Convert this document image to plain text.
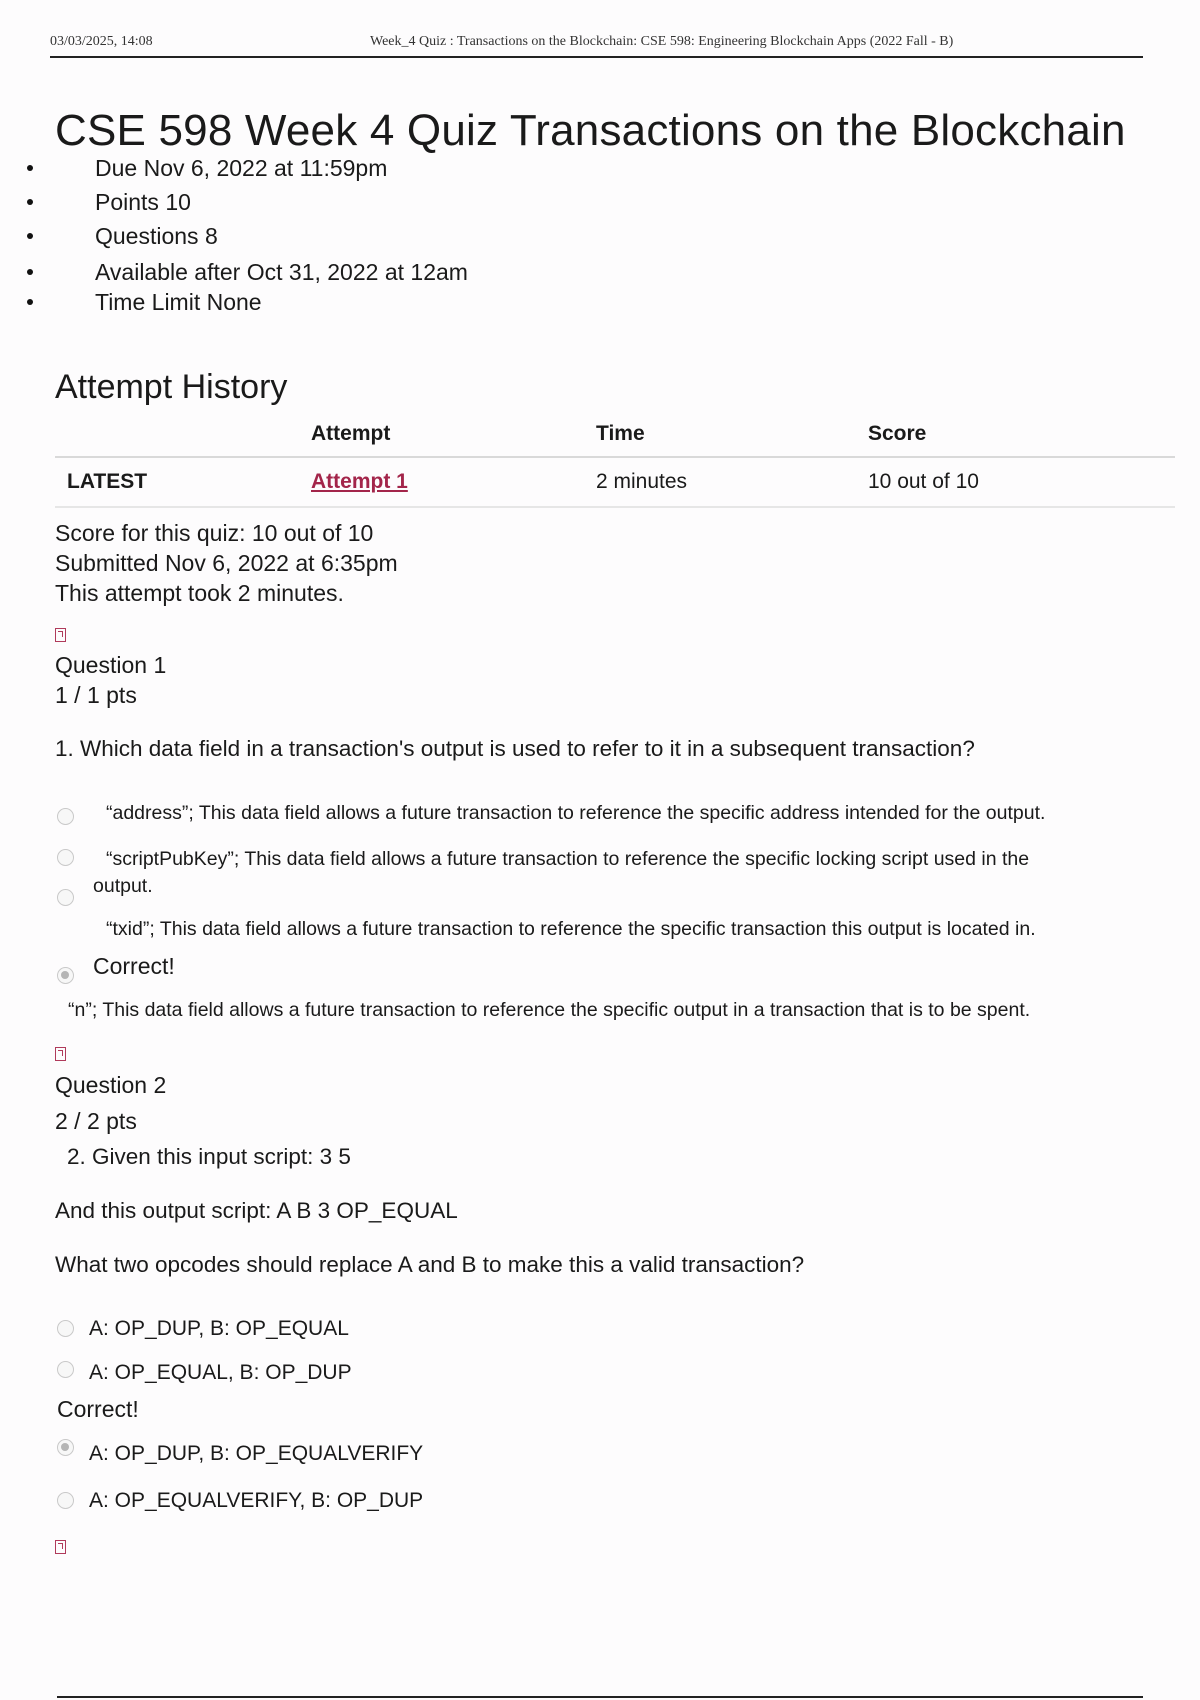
03/03/2025, 14:08	Week_4 Quiz : Transactions on the Blockchain: CSE 598: Engineering Blockchain Apps (2022 Fall - B)
CSE 598 Week 4 Quiz Transactions on the Blockchain
Due Nov 6, 2022 at 11:59pm
Points 10
Questions 8
Available after Oct 31, 2022 at 12am
Time Limit None
Attempt History
	Attempt	Time	Score
LATEST	Attempt 1	2 minutes	10 out of 10
Score for this quiz: 10 out of 10
Submitted Nov 6, 2022 at 6:35pm
This attempt took 2 minutes.
Question 1
1 / 1 pts
1. Which data field in a transaction's output is used to refer to it in a subsequent transaction?
“address”; This data field allows a future transaction to reference the specific address intended for the output.
“scriptPubKey”; This data field allows a future transaction to reference the specific locking script used in the
output.
“txid”; This data field allows a future transaction to reference the specific transaction this output is located in.
Correct!
“n”; This data field allows a future transaction to reference the specific output in a transaction that is to be spent.
Question 2
2 / 2 pts
2. Given this input script: 3 5
And this output script: A B 3 OP_EQUAL
What two opcodes should replace A and B to make this a valid transaction?
A: OP_DUP, B: OP_EQUAL
A: OP_EQUAL, B: OP_DUP
Correct!
A: OP_DUP, B: OP_EQUALVERIFY
A: OP_EQUALVERIFY, B: OP_DUP
